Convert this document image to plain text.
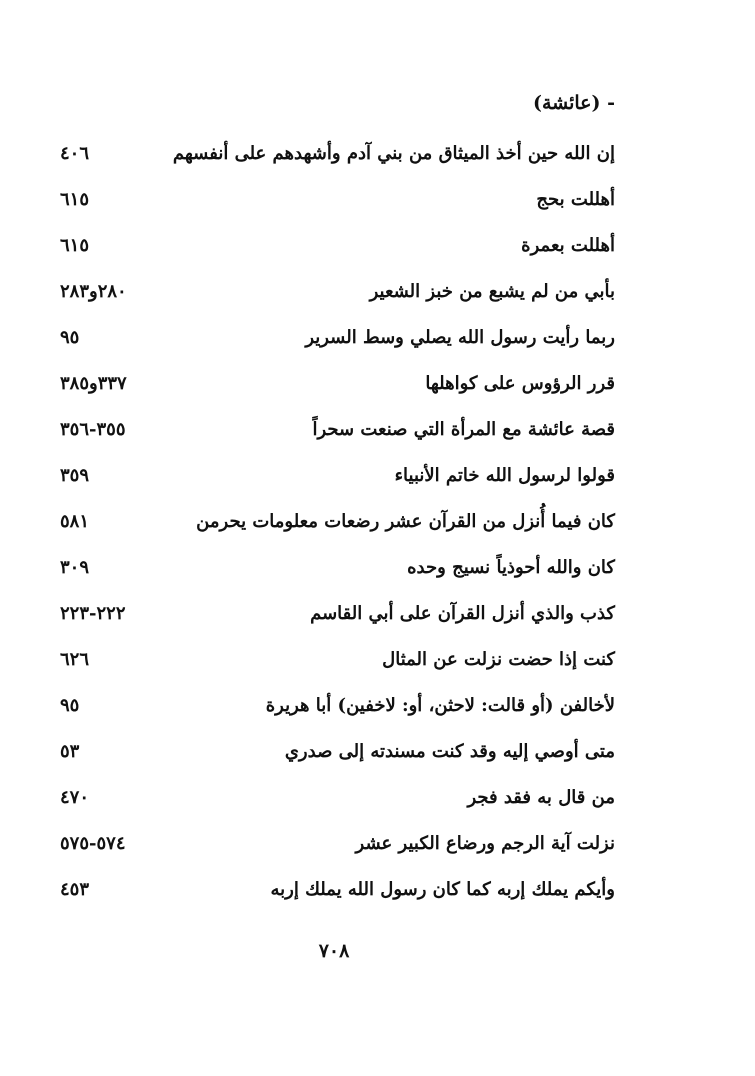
- (عائشة)
إن الله حين أخذ الميثاق من بني آدم وأشهدهم على أنفسهم
٤٠٦
أهللت بحج
٦١٥
أهللت بعمرة
٦١٥
بأبي من لم يشبع من خبز الشعير
٢٨٠و٢٨٣
ربما رأيت رسول الله يصلي وسط السرير
٩٥
قرر الرؤوس على كواهلها
٣٣٧و٣٨٥
قصة عائشة مع المرأة التي صنعت سحراً
٣٥٥-٣٥٦
قولوا لرسول الله خاتم الأنبياء
٣٥٩
كان فيما أُنزل من القرآن عشر رضعات معلومات يحرمن
٥٨١
كان والله أحوذياً نسيج وحده
٣٠٩
كذب والذي أنزل القرآن على أبي القاسم
٢٢٢-٢٢٣
كنت إذا حضت نزلت عن المثال
٦٢٦
لأخالفن (أو قالت: لاحثن، أو: لاخفين) أبا هريرة
٩٥
متى أوصي إليه وقد كنت مسندته إلى صدري
٥٣
من قال به فقد فجر
٤٧٠
نزلت آية الرجم ورضاع الكبير عشر
٥٧٤-٥٧٥
وأيكم يملك إربه كما كان رسول الله يملك إربه
٤٥٣
٧٠٨
